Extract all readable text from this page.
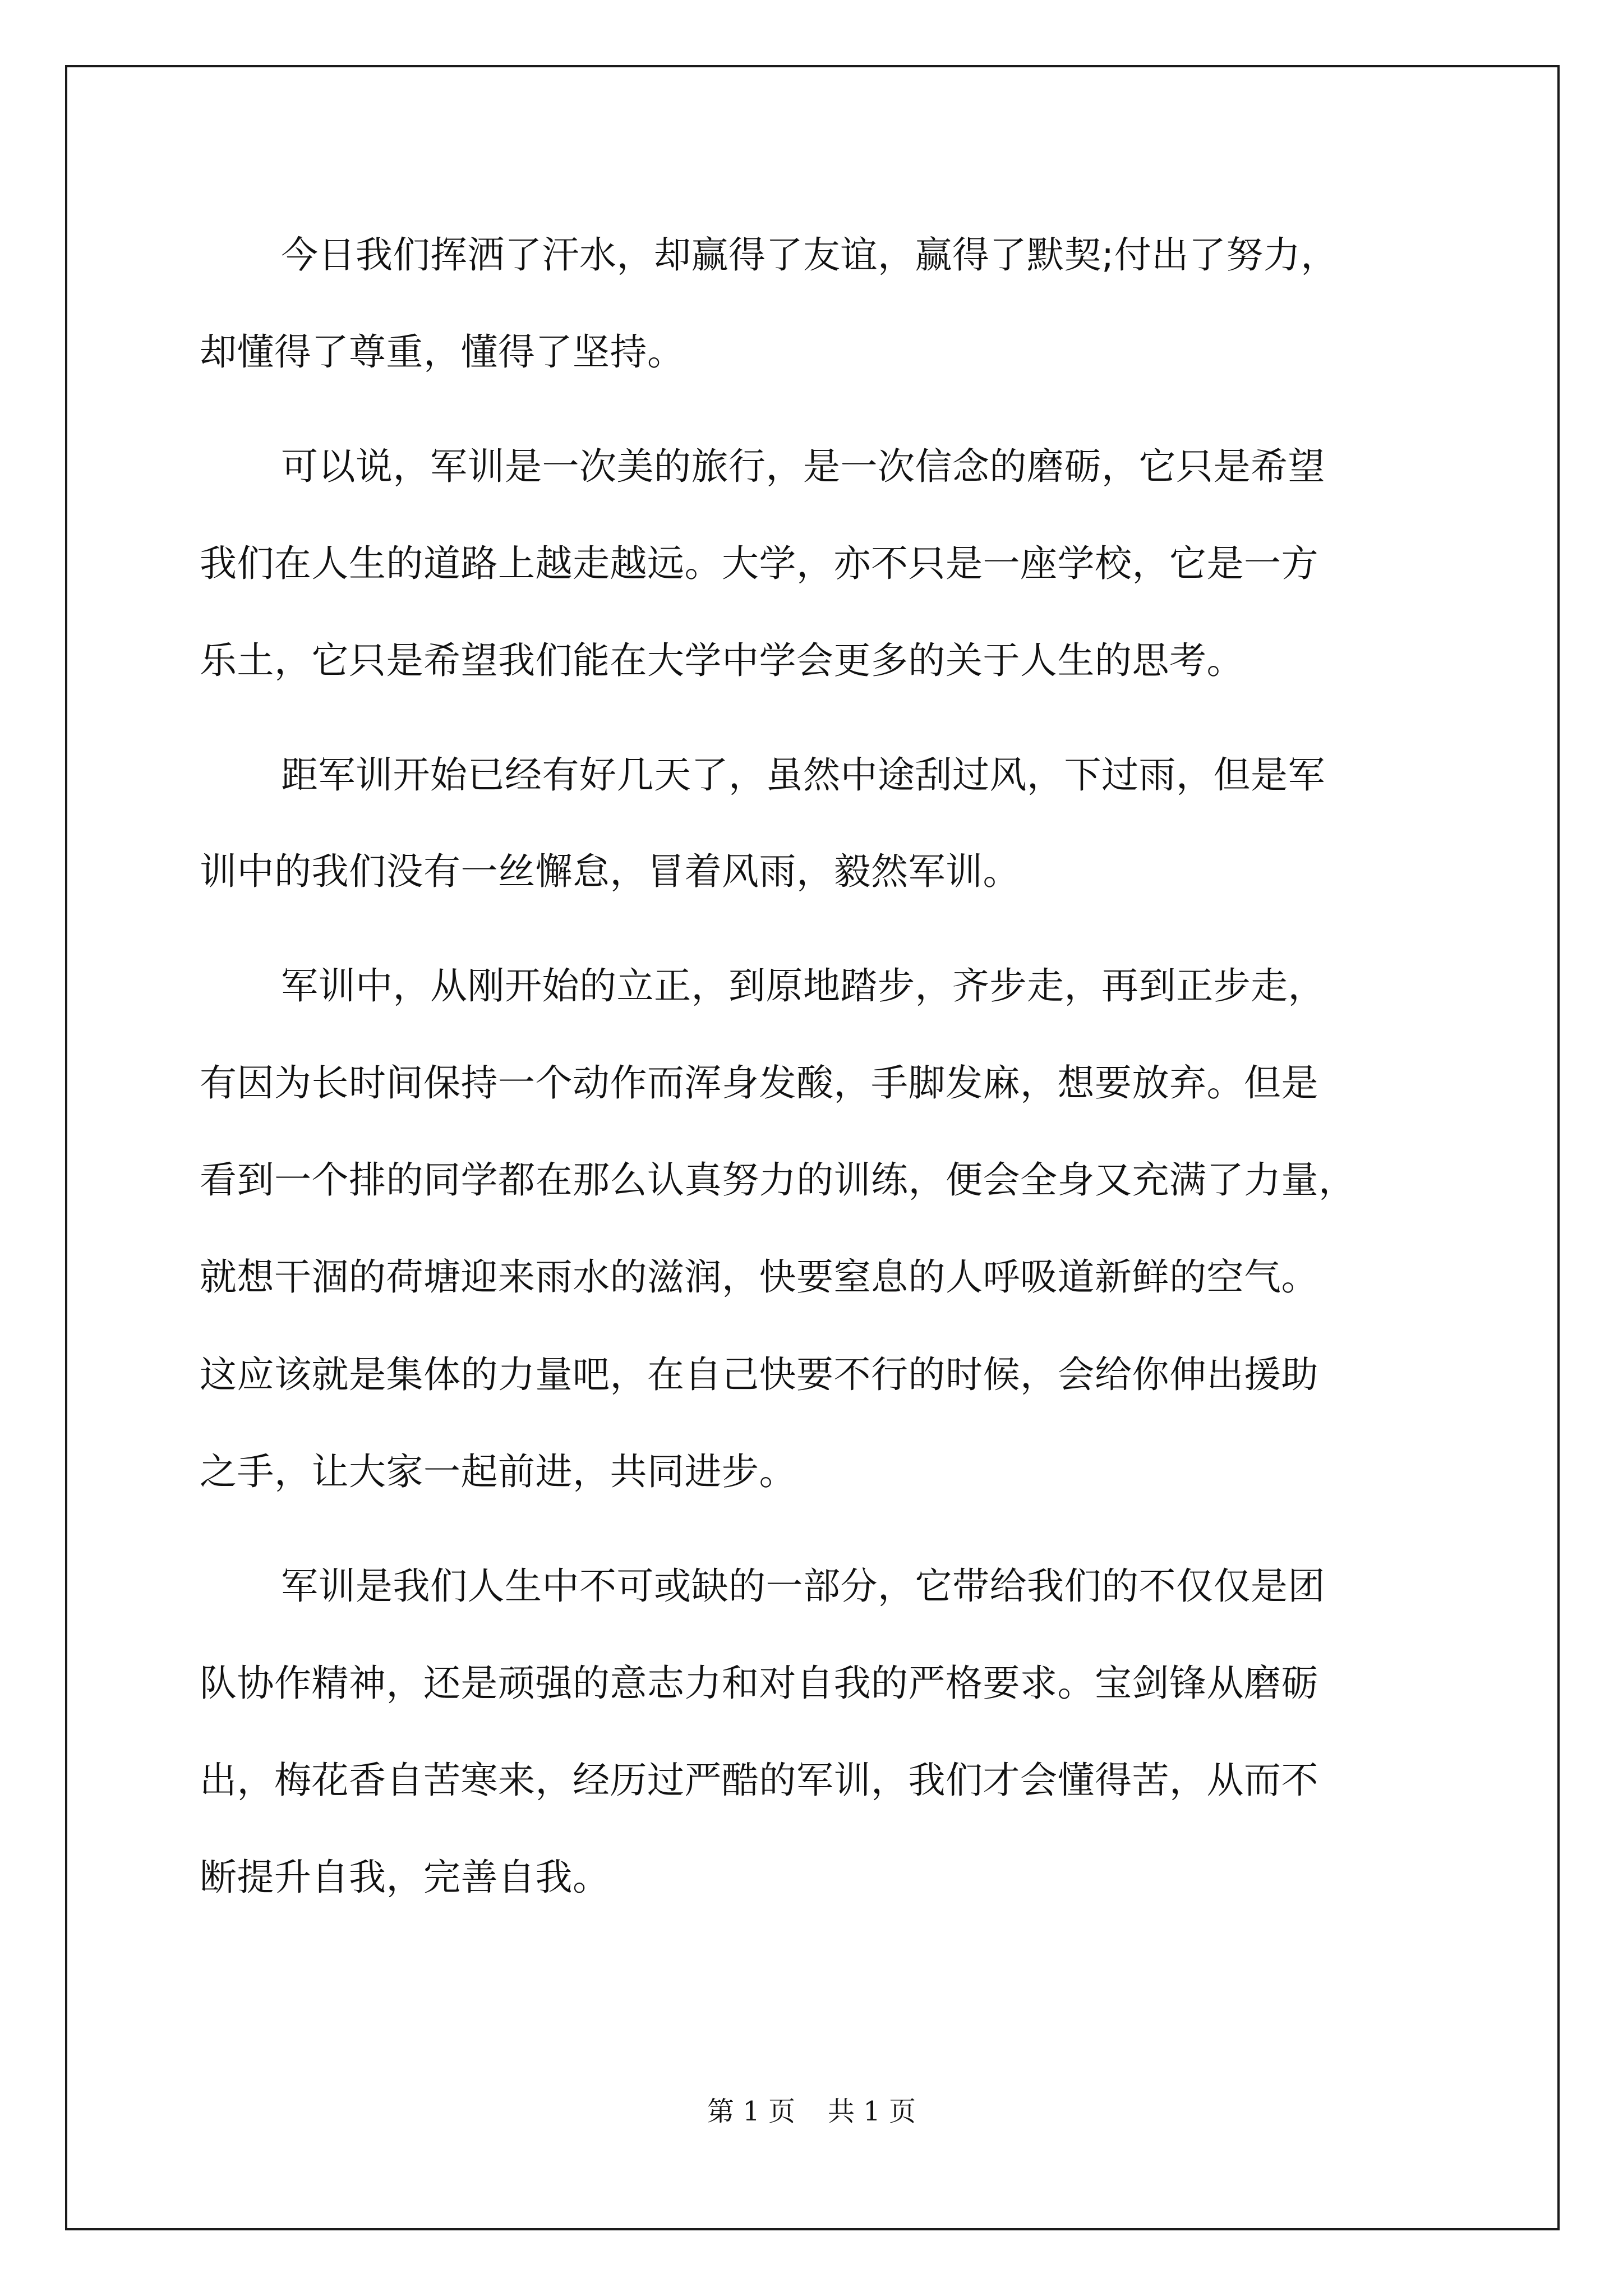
今日我们挥洒了汗水，却赢得了友谊，赢得了默契;付出了努力，
却懂得了尊重，懂得了坚持。
可以说，军训是一次美的旅行，是一次信念的磨砺，它只是希望
我们在人生的道路上越走越远。大学，亦不只是一座学校，它是一方
乐土，它只是希望我们能在大学中学会更多的关于人生的思考。
距军训开始已经有好几天了，虽然中途刮过风，下过雨，但是军
训中的我们没有一丝懈怠，冒着风雨，毅然军训。
军训中，从刚开始的立正，到原地踏步，齐步走，再到正步走，
有因为长时间保持一个动作而浑身发酸，手脚发麻，想要放弃。但是
看到一个排的同学都在那么认真努力的训练，便会全身又充满了力量，
就想干涸的荷塘迎来雨水的滋润，快要窒息的人呼吸道新鲜的空气。
这应该就是集体的力量吧，在自己快要不行的时候，会给你伸出援助
之手，让大家一起前进，共同进步。
军训是我们人生中不可或缺的一部分，它带给我们的不仅仅是团
队协作精神，还是顽强的意志力和对自我的严格要求。宝剑锋从磨砺
出，梅花香自苦寒来，经历过严酷的军训，我们才会懂得苦，从而不
断提升自我，完善自我。
第 1 页 共 1 页
